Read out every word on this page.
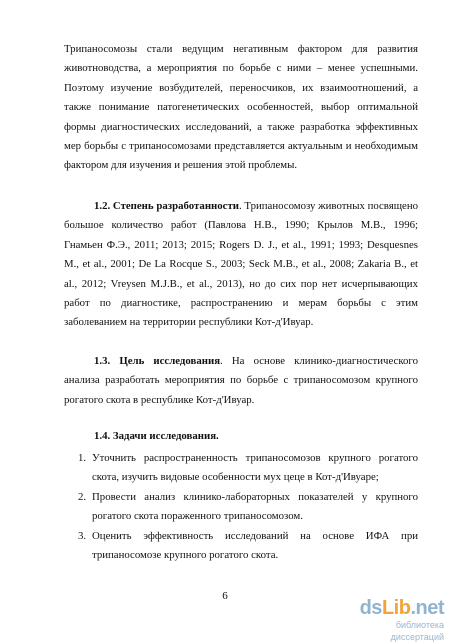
Трипаносомозы стали ведущим негативным фактором для развития животноводства, а мероприятия по борьбе с ними – менее успешными. Поэтому изучение возбудителей, переносчиков, их взаимоотношений, а также понимание патогенетических особенностей, выбор оптимальной формы диагностических исследований, а также разработка эффективных мер борьбы с трипаносомозами представляется актуальным и необходимым фактором для изучения и решения этой проблемы.

1.2. Степень разработанности. Трипаносомозу животных посвящено большое количество работ (Павлова Н.В., 1990; Крылов М.В., 1996; Гнамьен Ф.Э., 2011; 2013; 2015; Rogers D. J., et al., 1991; 1993; Desquesnes M., et al., 2001; De La Rocque S., 2003; Seck M.B., et al., 2008; Zakaria B., et al., 2012; Vreysen M.J.B., et al., 2013), но до сих пор нет исчерпывающих работ по диагностике, распространению и мерам борьбы с этим заболеванием на территории республики Кот-д'Ивуар.

1.3. Цель исследования. На основе клинико-диагностического анализа разработать мероприятия по борьбе с трипаносомозом крупного рогатого скота в республике Кот-д'Ивуар.

1.4. Задачи исследования.

1. Уточнить распространенность трипаносомозов крупного рогатого скота, изучить видовые особенности мух цеце в Кот-д'Ивуаре;
2. Провести анализ клинико-лабораторных показателей у крупного рогатого скота пораженного трипаносомозом.
3. Оценить эффективность исследований на основе ИФА при трипаносомозе крупного рогатого скота.
6
dsLib.net
библиотека диссертаций
